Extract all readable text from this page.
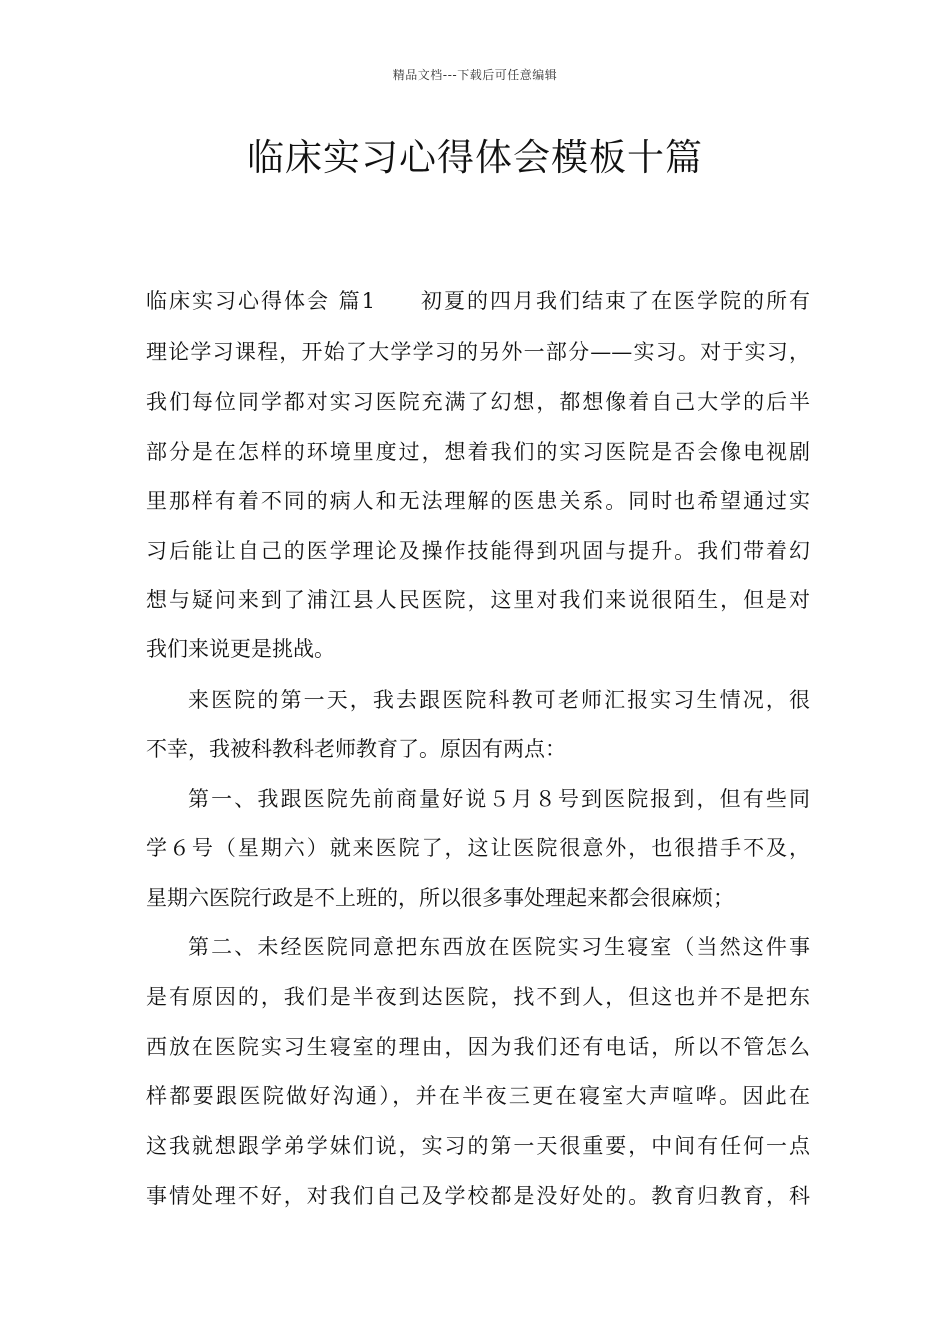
精品文档---下载后可任意编辑
临床实习心得体会模板十篇
临床实习心得体会 篇1 初夏的四月我们结束了在医学院的所有
理论学习课程，开始了大学学习的另外一部分——实习。对于实习，
我们每位同学都对实习医院充满了幻想，都想像着自己大学的后半
部分是在怎样的环境里度过，想着我们的实习医院是否会像电视剧
里那样有着不同的病人和无法理解的医患关系。同时也希望通过实
习后能让自己的医学理论及操作技能得到巩固与提升。我们带着幻
想与疑问来到了浦江县人民医院，这里对我们来说很陌生，但是对
我们来说更是挑战。
来医院的第一天，我去跟医院科教可老师汇报实习生情况，很
不幸，我被科教科老师教育了。原因有两点：
第一、我跟医院先前商量好说５月８号到医院报到，但有些同
学６号（星期六）就来医院了，这让医院很意外，也很措手不及，
星期六医院行政是不上班的，所以很多事处理起来都会很麻烦；
第二、未经医院同意把东西放在医院实习生寝室（当然这件事
是有原因的，我们是半夜到达医院，找不到人，但这也并不是把东
西放在医院实习生寝室的理由，因为我们还有电话，所以不管怎么
样都要跟医院做好沟通），并在半夜三更在寝室大声喧哗。因此在
这我就想跟学弟学妹们说，实习的第一天很重要，中间有任何一点
事情处理不好，对我们自己及学校都是没好处的。教育归教育，科
